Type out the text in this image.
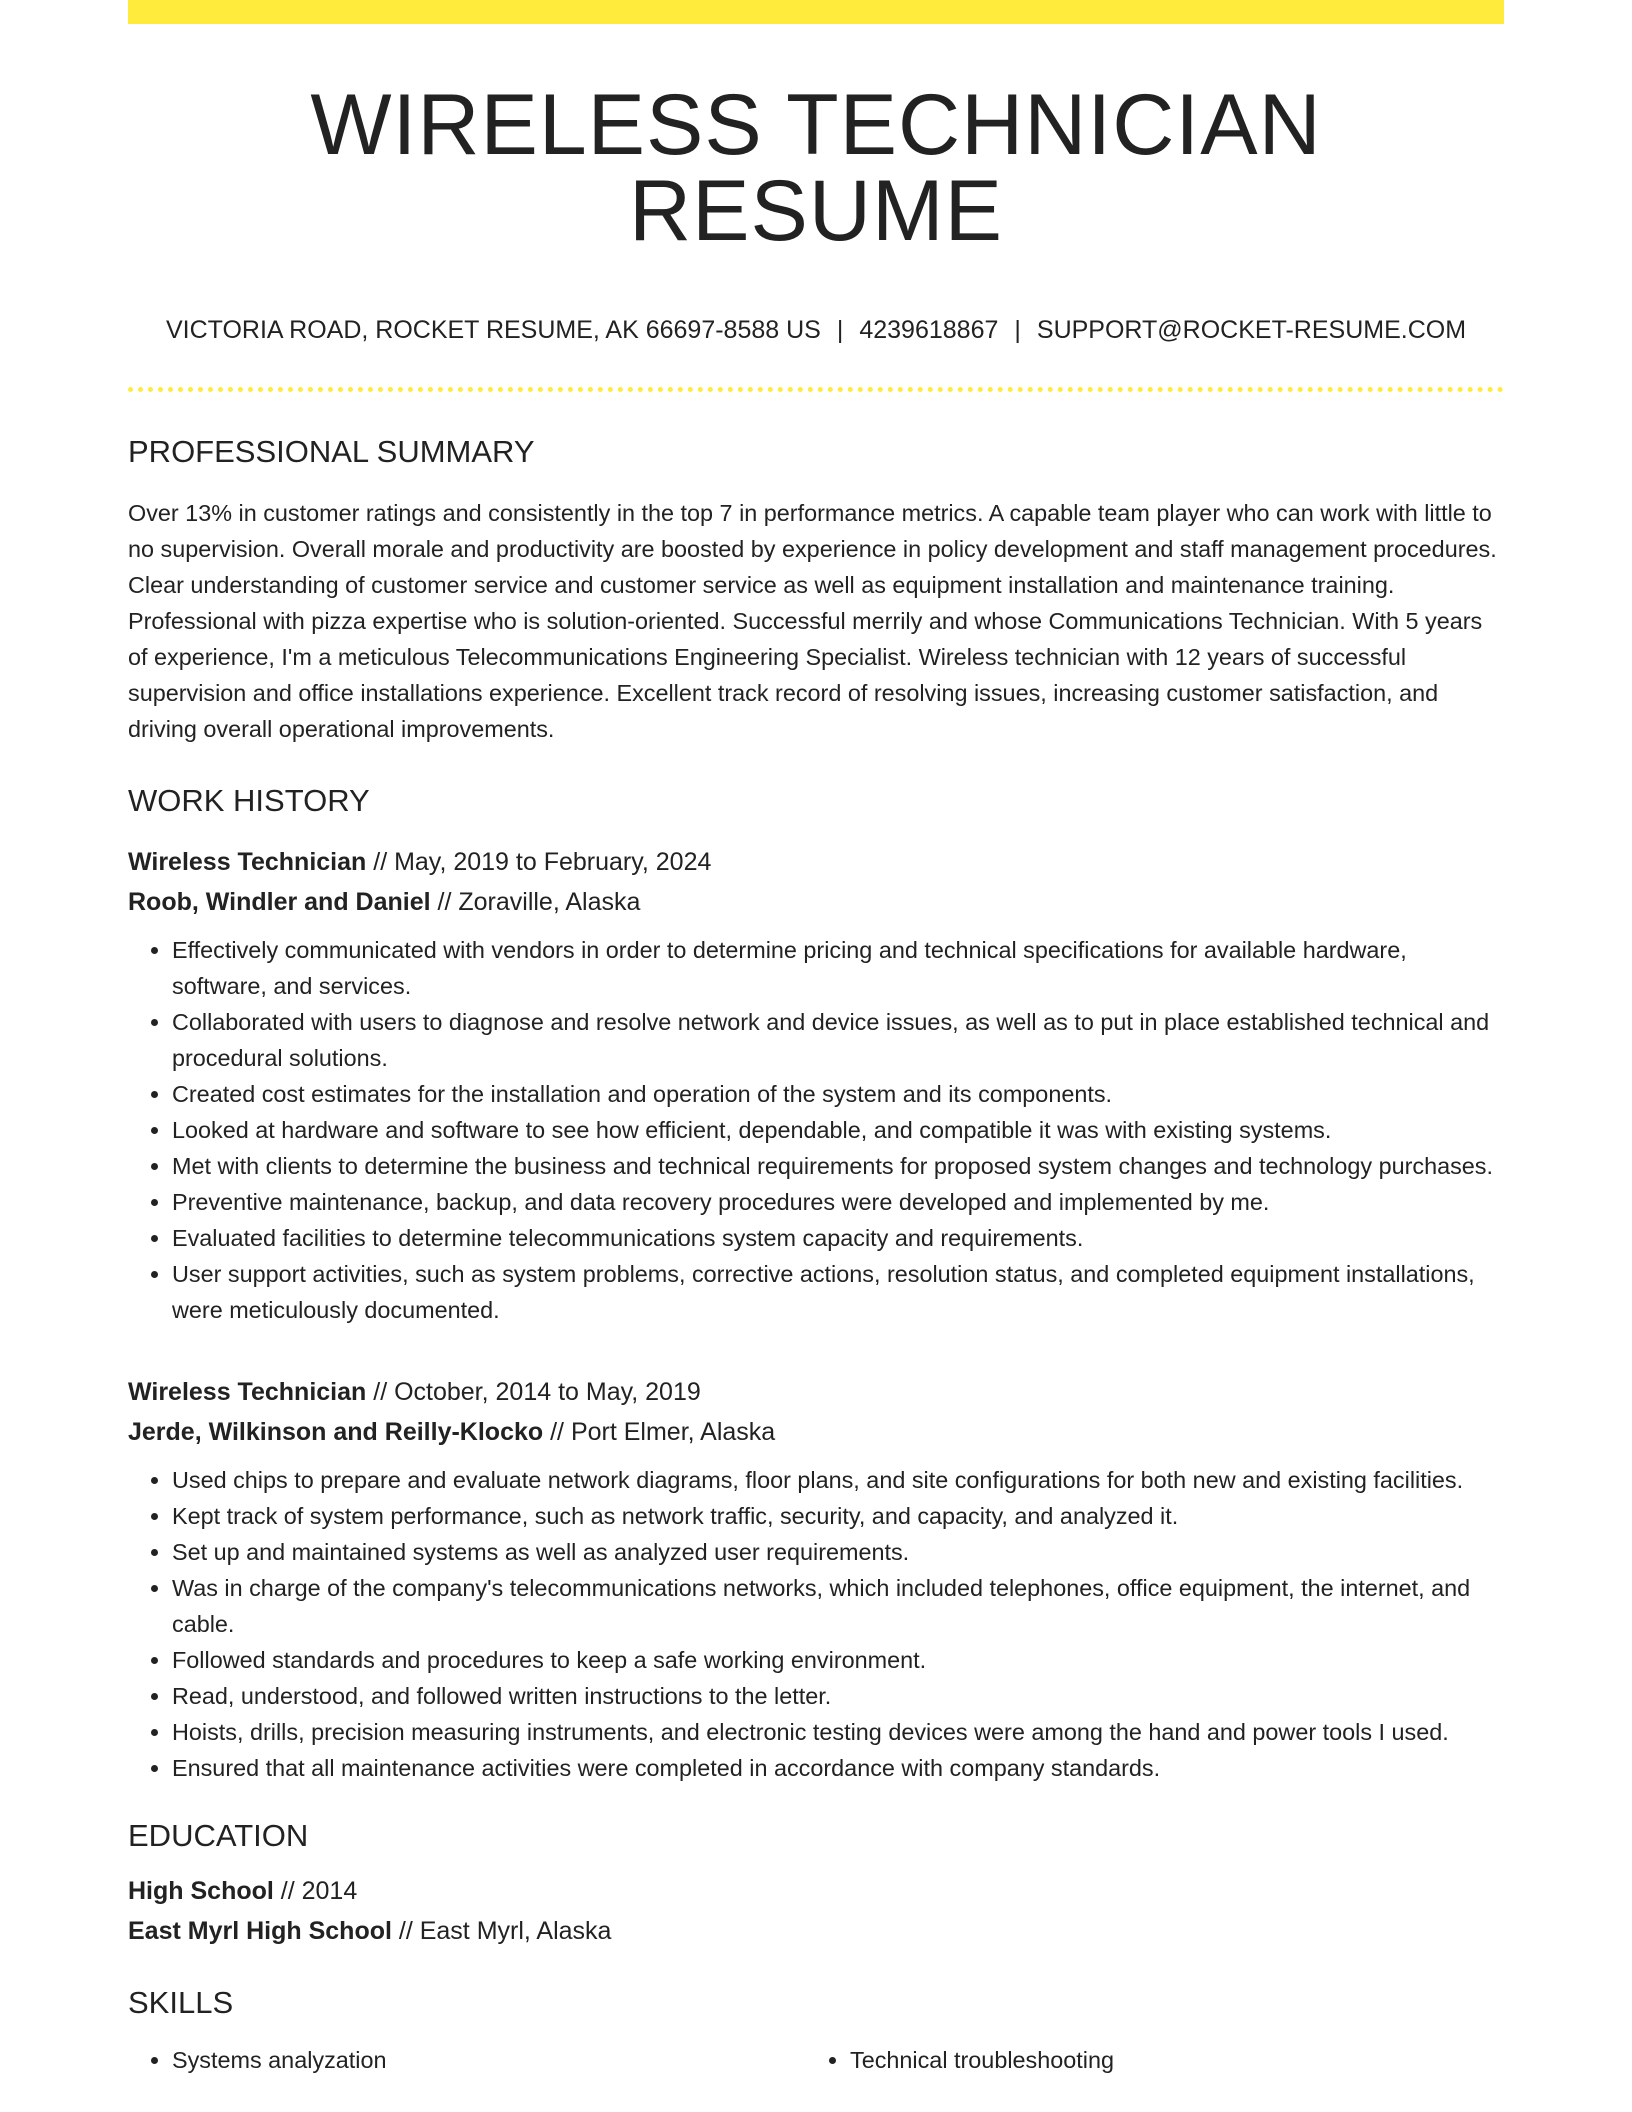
WIRELESS TECHNICIAN RESUME
VICTORIA ROAD, ROCKET RESUME, AK 66697-8588 US | 4239618867 | SUPPORT@ROCKET-RESUME.COM
PROFESSIONAL SUMMARY

Over 13% in customer ratings and consistently in the top 7 in performance metrics. A capable team player who can work with little to no supervision. Overall morale and productivity are boosted by experience in policy development and staff management procedures. Clear understanding of customer service and customer service as well as equipment installation and maintenance training. Professional with pizza expertise who is solution-oriented. Successful merrily and whose Communications Technician. With 5 years of experience, I'm a meticulous Telecommunications Engineering Specialist. Wireless technician with 12 years of successful supervision and office installations experience. Excellent track record of resolving issues, increasing customer satisfaction, and driving overall operational improvements.

WORK HISTORY
Wireless Technician // May, 2019 to February, 2024
Roob, Windler and Daniel // Zoraville, Alaska
• Effectively communicated with vendors in order to determine pricing and technical specifications for available hardware, software, and services.
• Collaborated with users to diagnose and resolve network and device issues, as well as to put in place established technical and procedural solutions.
• Created cost estimates for the installation and operation of the system and its components.
• Looked at hardware and software to see how efficient, dependable, and compatible it was with existing systems.
• Met with clients to determine the business and technical requirements for proposed system changes and technology purchases.
• Preventive maintenance, backup, and data recovery procedures were developed and implemented by me.
• Evaluated facilities to determine telecommunications system capacity and requirements.
• User support activities, such as system problems, corrective actions, resolution status, and completed equipment installations, were meticulously documented.
Wireless Technician // October, 2014 to May, 2019
Jerde, Wilkinson and Reilly-Klocko // Port Elmer, Alaska
• Used chips to prepare and evaluate network diagrams, floor plans, and site configurations for both new and existing facilities.
• Kept track of system performance, such as network traffic, security, and capacity, and analyzed it.
• Set up and maintained systems as well as analyzed user requirements.
• Was in charge of the company's telecommunications networks, which included telephones, office equipment, the internet, and cable.
• Followed standards and procedures to keep a safe working environment.
• Read, understood, and followed written instructions to the letter.
• Hoists, drills, precision measuring instruments, and electronic testing devices were among the hand and power tools I used.
• Ensured that all maintenance activities were completed in accordance with company standards.
EDUCATION
High School // 2014
East Myrl High School // East Myrl, Alaska
SKILLS
• Systems analyzation
•	Technical troubleshooting
